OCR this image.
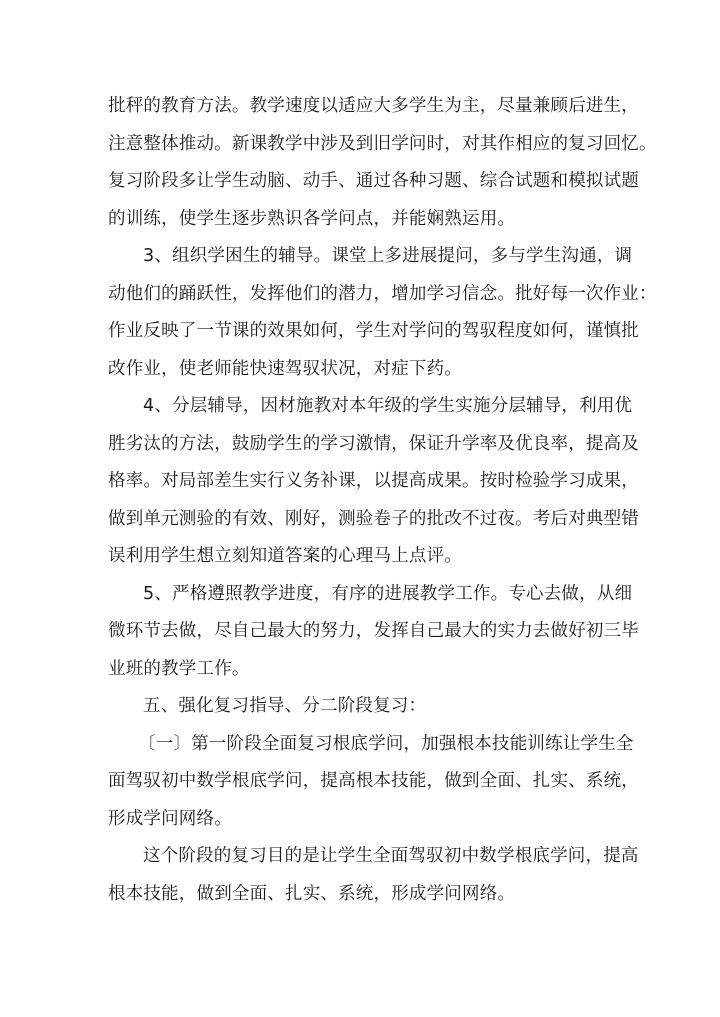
批秤的教育方法。教学速度以适应大多学生为主，尽量兼顾后进生，
注意整体推动。新课教学中涉及到旧学问时，对其作相应的复习回忆。
复习阶段多让学生动脑、动手、通过各种习题、综合试题和模拟试题
的训练，使学生逐步熟识各学问点，并能娴熟运用。

3、组织学困生的辅导。课堂上多进展提问，多与学生沟通，调
动他们的踊跃性，发挥他们的潜力，增加学习信念。批好每一次作业：
作业反映了一节课的效果如何，学生对学问的驾驭程度如何，谨慎批
改作业，使老师能快速驾驭状况，对症下药。

4、分层辅导，因材施教对本年级的学生实施分层辅导，利用优
胜劣汰的方法，鼓励学生的学习激情，保证升学率及优良率，提高及
格率。对局部差生实行义务补课，以提高成果。按时检验学习成果，
做到单元测验的有效、刚好，测验卷子的批改不过夜。考后对典型错
误利用学生想立刻知道答案的心理马上点评。

5、严格遵照教学进度，有序的进展教学工作。专心去做，从细
微环节去做，尽自己最大的努力，发挥自己最大的实力去做好初三毕
业班的教学工作。

五、强化复习指导、分二阶段复习：

〔一〕第一阶段全面复习根底学问，加强根本技能训练让学生全
面驾驭初中数学根底学问，提高根本技能，做到全面、扎实、系统，
形成学问网络。

这个阶段的复习目的是让学生全面驾驭初中数学根底学问，提高
根本技能，做到全面、扎实、系统，形成学问网络。
